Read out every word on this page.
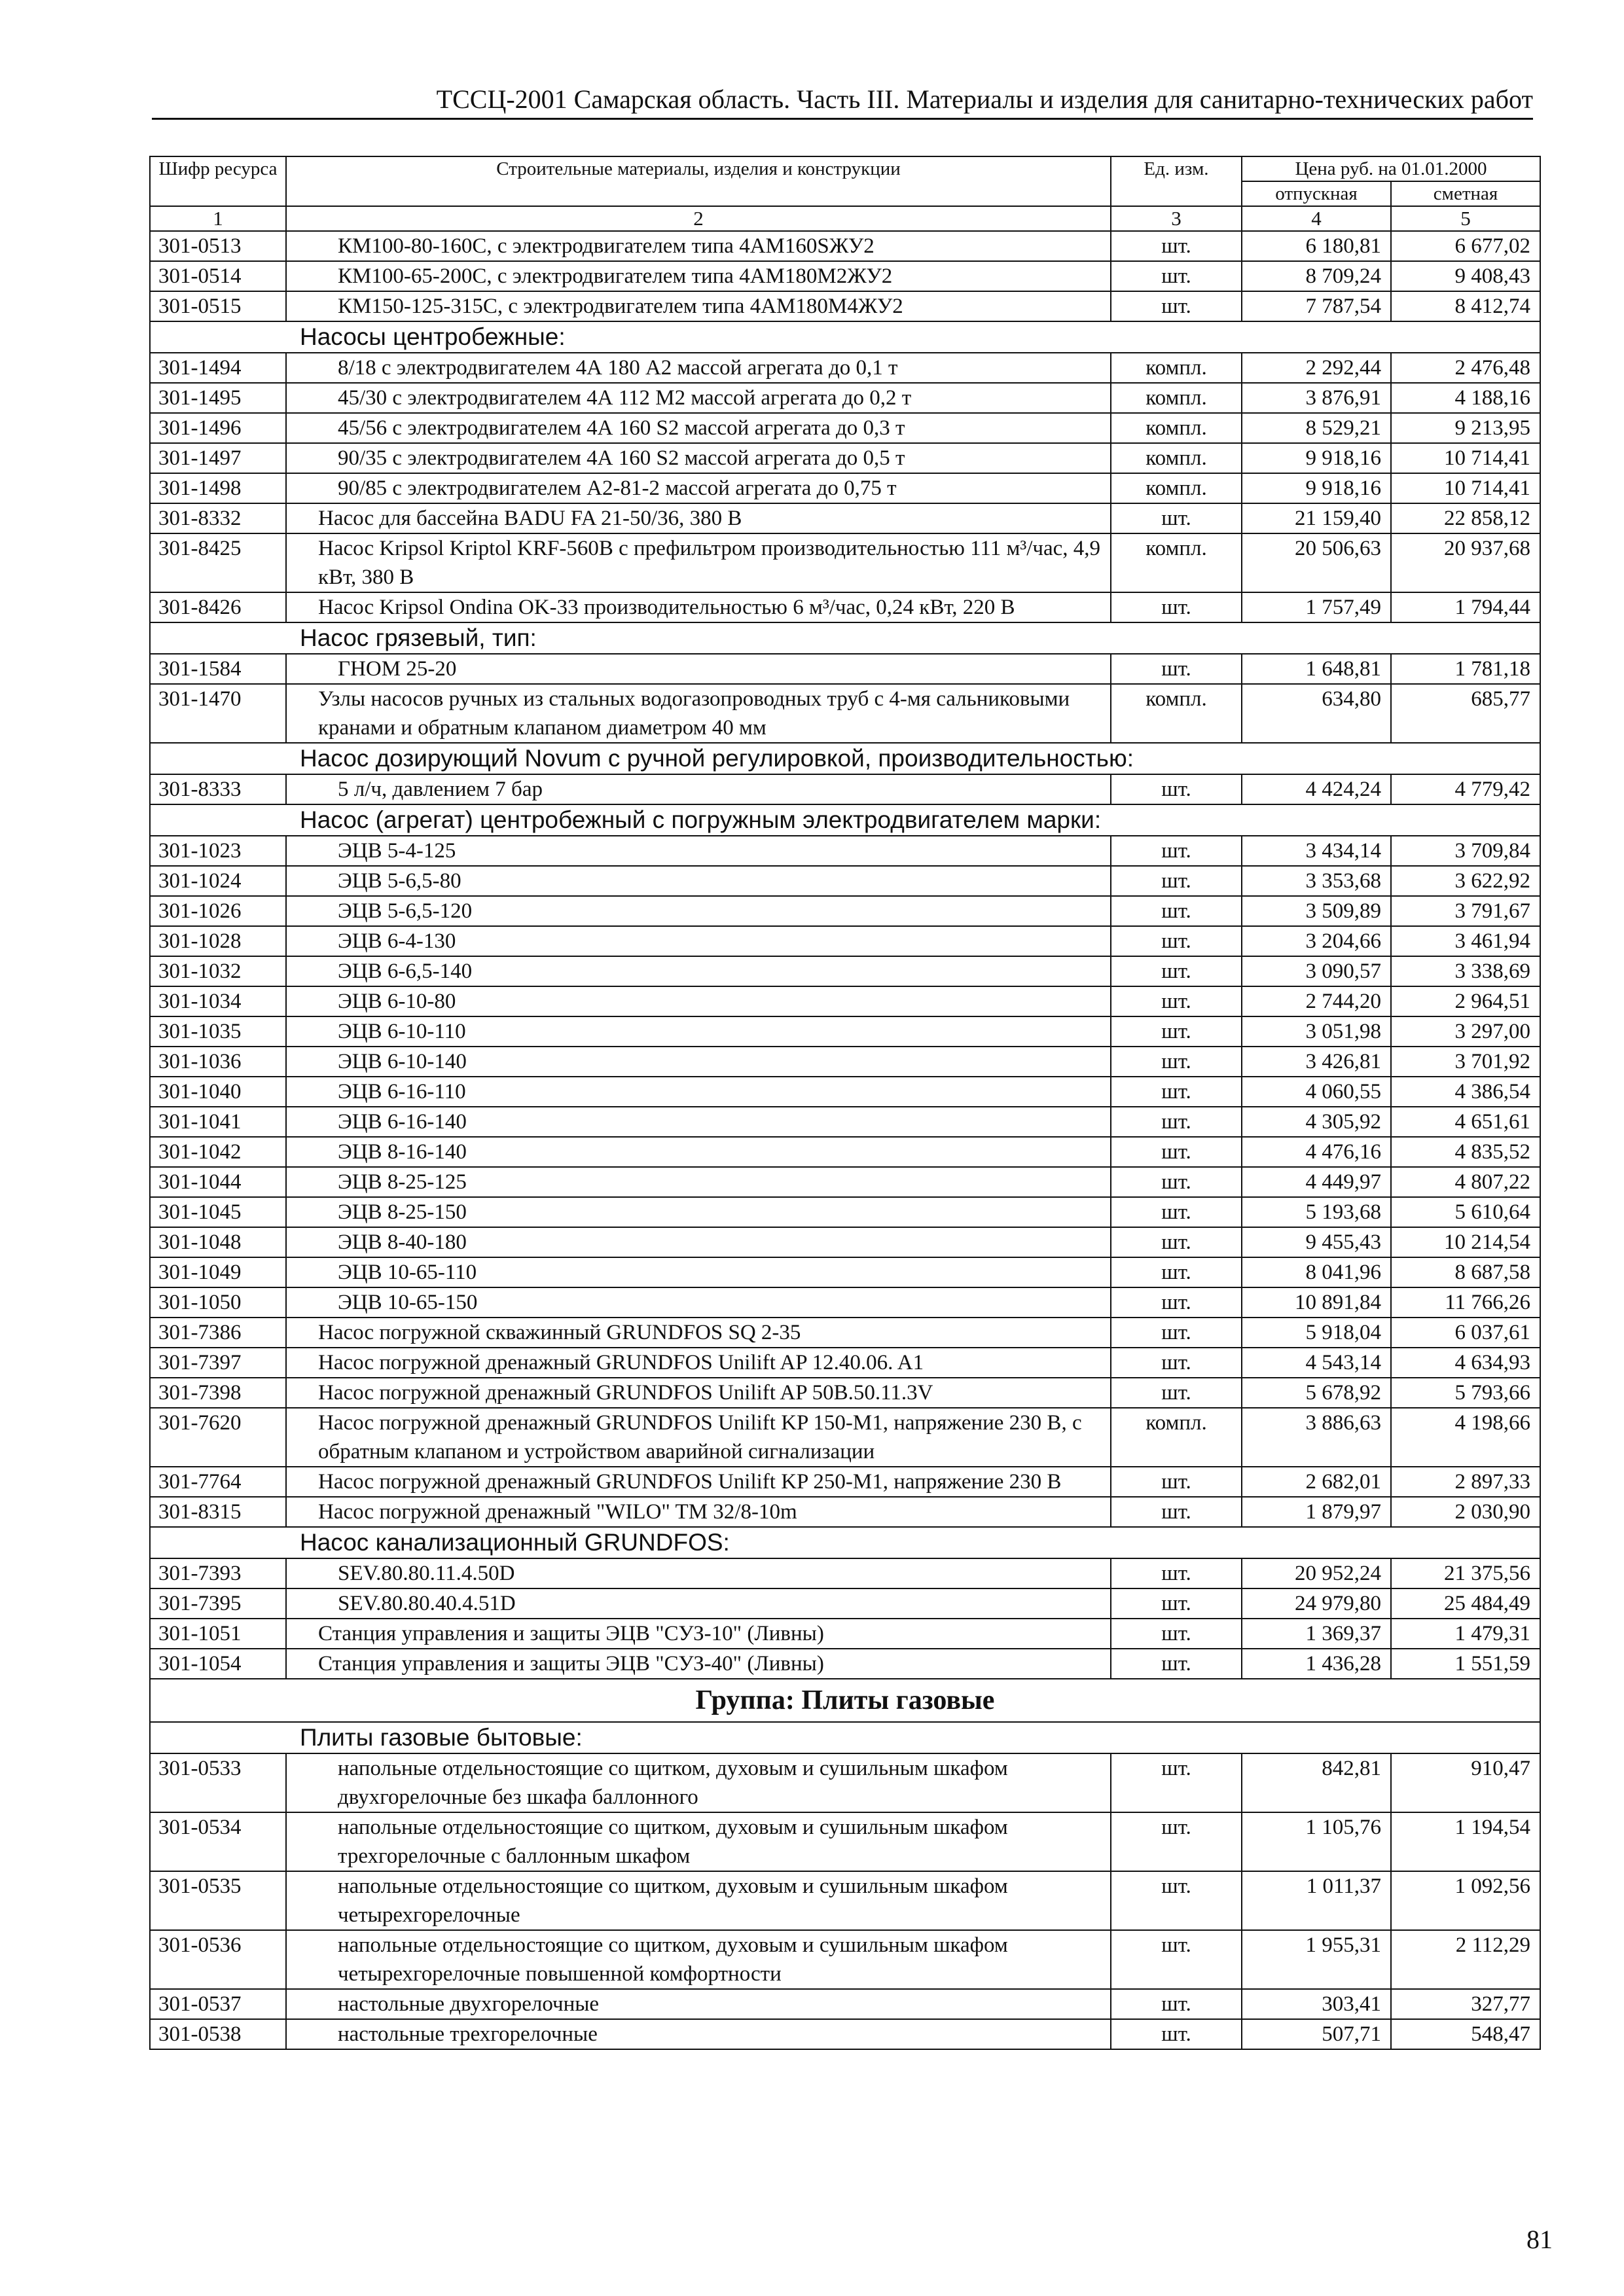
ТССЦ-2001 Самарская область. Часть III. Материалы и изделия для санитарно-технических работ
Шифр ресурса	Строительные материалы, изделия и конструкции	Ед. изм.	Цена руб. на 01.01.2000	
			отпускная	сметная
1	2	3	4	5
301-0513	КМ100-80-160С, с электродвигателем типа 4АМ160SЖУ2	шт.	6 180,81	6 677,02
301-0514	КМ100-65-200С, с электродвигателем типа 4АМ180М2ЖУ2	шт.	8 709,24	9 408,43
301-0515	КМ150-125-315С, с электродвигателем типа 4АМ180М4ЖУ2	шт.	7 787,54	8 412,74
Насосы центробежные:				
301-1494	8/18 с электродвигателем 4А 180 А2 массой агрегата до 0,1 т	компл.	2 292,44	2 476,48
301-1495	45/30 с электродвигателем 4А 112 М2 массой агрегата до 0,2 т	компл.	3 876,91	4 188,16
301-1496	45/56 с электродвигателем 4А 160 S2 массой агрегата до 0,3 т	компл.	8 529,21	9 213,95
301-1497	90/35 с электродвигателем 4А 160 S2 массой агрегата до 0,5 т	компл.	9 918,16	10 714,41
301-1498	90/85 с электродвигателем А2-81-2 массой агрегата до 0,75 т	компл.	9 918,16	10 714,41
301-8332	Насос для бассейна BADU FA 21-50/36, 380 В	шт.	21 159,40	22 858,12
301-8425	Насос Kripsol Kriptol KRF-560B с префильтром производительностью 111 м³/час, 4,9 кВт, 380 В	компл.	20 506,63	20 937,68
301-8426	Насос Kripsol Ondina OK-33 производительностью 6 м³/час, 0,24 кВт, 220 В	шт.	1 757,49	1 794,44
Насос грязевый, тип:				
301-1584	ГНОМ 25-20	шт.	1 648,81	1 781,18
301-1470	Узлы насосов ручных из стальных водогазопроводных труб с 4-мя сальниковыми кранами и обратным клапаном диаметром 40 мм	компл.	634,80	685,77
Насос дозирующий Novum с ручной регулировкой, производительностью:				
301-8333	5 л/ч, давлением 7 бар	шт.	4 424,24	4 779,42
Насос (агрегат) центробежный с погружным электродвигателем марки:				
301-1023	ЭЦВ 5-4-125	шт.	3 434,14	3 709,84
301-1024	ЭЦВ 5-6,5-80	шт.	3 353,68	3 622,92
301-1026	ЭЦВ 5-6,5-120	шт.	3 509,89	3 791,67
301-1028	ЭЦВ 6-4-130	шт.	3 204,66	3 461,94
301-1032	ЭЦВ 6-6,5-140	шт.	3 090,57	3 338,69
301-1034	ЭЦВ 6-10-80	шт.	2 744,20	2 964,51
301-1035	ЭЦВ 6-10-110	шт.	3 051,98	3 297,00
301-1036	ЭЦВ 6-10-140	шт.	3 426,81	3 701,92
301-1040	ЭЦВ 6-16-110	шт.	4 060,55	4 386,54
301-1041	ЭЦВ 6-16-140	шт.	4 305,92	4 651,61
301-1042	ЭЦВ 8-16-140	шт.	4 476,16	4 835,52
301-1044	ЭЦВ 8-25-125	шт.	4 449,97	4 807,22
301-1045	ЭЦВ 8-25-150	шт.	5 193,68	5 610,64
301-1048	ЭЦВ 8-40-180	шт.	9 455,43	10 214,54
301-1049	ЭЦВ 10-65-110	шт.	8 041,96	8 687,58
301-1050	ЭЦВ 10-65-150	шт.	10 891,84	11 766,26
301-7386	Насос погружной скважинный GRUNDFOS SQ 2-35	шт.	5 918,04	6 037,61
301-7397	Насос погружной дренажный GRUNDFOS Unilift AP 12.40.06. A1	шт.	4 543,14	4 634,93
301-7398	Насос погружной дренажный GRUNDFOS Unilift AP 50B.50.11.3V	шт.	5 678,92	5 793,66
301-7620	Насос погружной дренажный GRUNDFOS Unilift KP 150-M1, напряжение 230 В, с обратным клапаном и устройством аварийной сигнализации	компл.	3 886,63	4 198,66
301-7764	Насос погружной дренажный GRUNDFOS Unilift KP 250-M1, напряжение 230 В	шт.	2 682,01	2 897,33
301-8315	Насос погружной дренажный "WILO" TM 32/8-10m	шт.	1 879,97	2 030,90
Насос канализационный GRUNDFOS:				
301-7393	SEV.80.80.11.4.50D	шт.	20 952,24	21 375,56
301-7395	SEV.80.80.40.4.51D	шт.	24 979,80	25 484,49
301-1051	Станция управления и защиты ЭЦВ "СУЗ-10" (Ливны)	шт.	1 369,37	1 479,31
301-1054	Станция управления и защиты ЭЦВ "СУЗ-40" (Ливны)	шт.	1 436,28	1 551,59
Группа: Плиты газовые				
Плиты газовые бытовые:				
301-0533	напольные отдельностоящие со щитком, духовым и сушильным шкафом двухгорелочные без шкафа баллонного	шт.	842,81	910,47
301-0534	напольные отдельностоящие со щитком, духовым и сушильным шкафом трехгорелочные с баллонным шкафом	шт.	1 105,76	1 194,54
301-0535	напольные отдельностоящие со щитком, духовым и сушильным шкафом четырехгорелочные	шт.	1 011,37	1 092,56
301-0536	напольные отдельностоящие со щитком, духовым и сушильным шкафом четырехгорелочные повышенной комфортности	шт.	1 955,31	2 112,29
301-0537	настольные двухгорелочные	шт.	303,41	327,77
301-0538	настольные трехгорелочные	шт.	507,71	548,47
81
